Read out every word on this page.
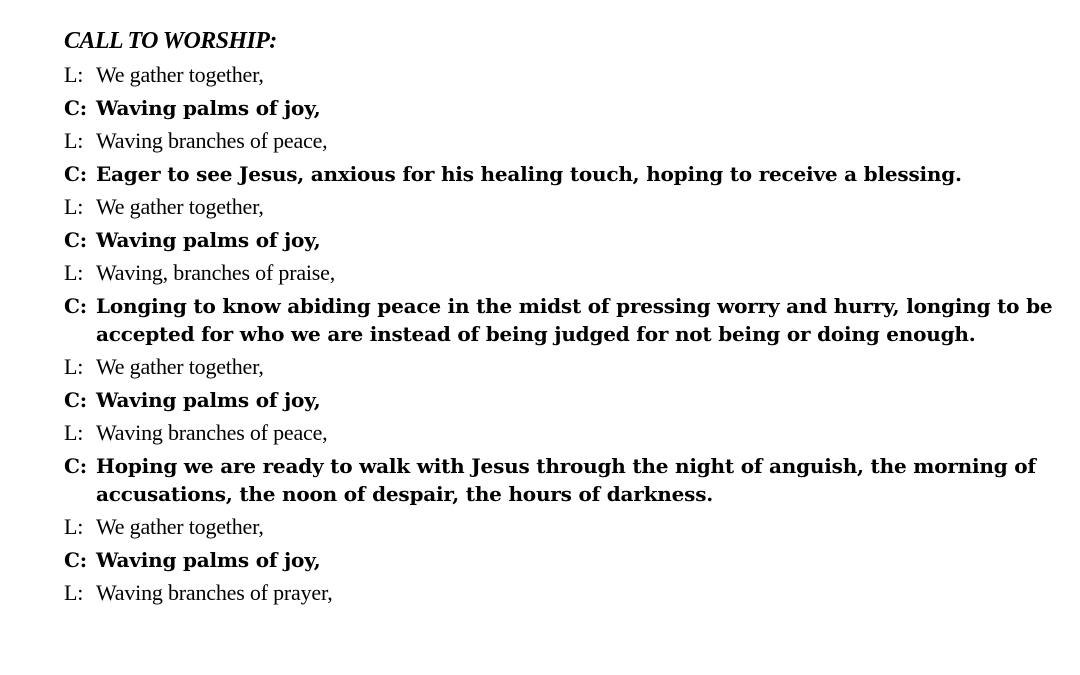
CALL TO WORSHIP:
L: We gather together,
C: Waving palms of joy,
L: Waving branches of peace,
C: Eager to see Jesus, anxious for his healing touch, hoping to receive a blessing.
L: We gather together,
C: Waving palms of joy,
L: Waving, branches of praise,
C: Longing to know abiding peace in the midst of pressing worry and hurry, longing to be accepted for who we are instead of being judged for not being or doing enough.
L: We gather together,
C: Waving palms of joy,
L: Waving branches of peace,
C: Hoping we are ready to walk with Jesus through the night of anguish, the morning of accusations, the noon of despair, the hours of darkness.
L: We gather together,
C: Waving palms of joy,
L: Waving branches of prayer,
